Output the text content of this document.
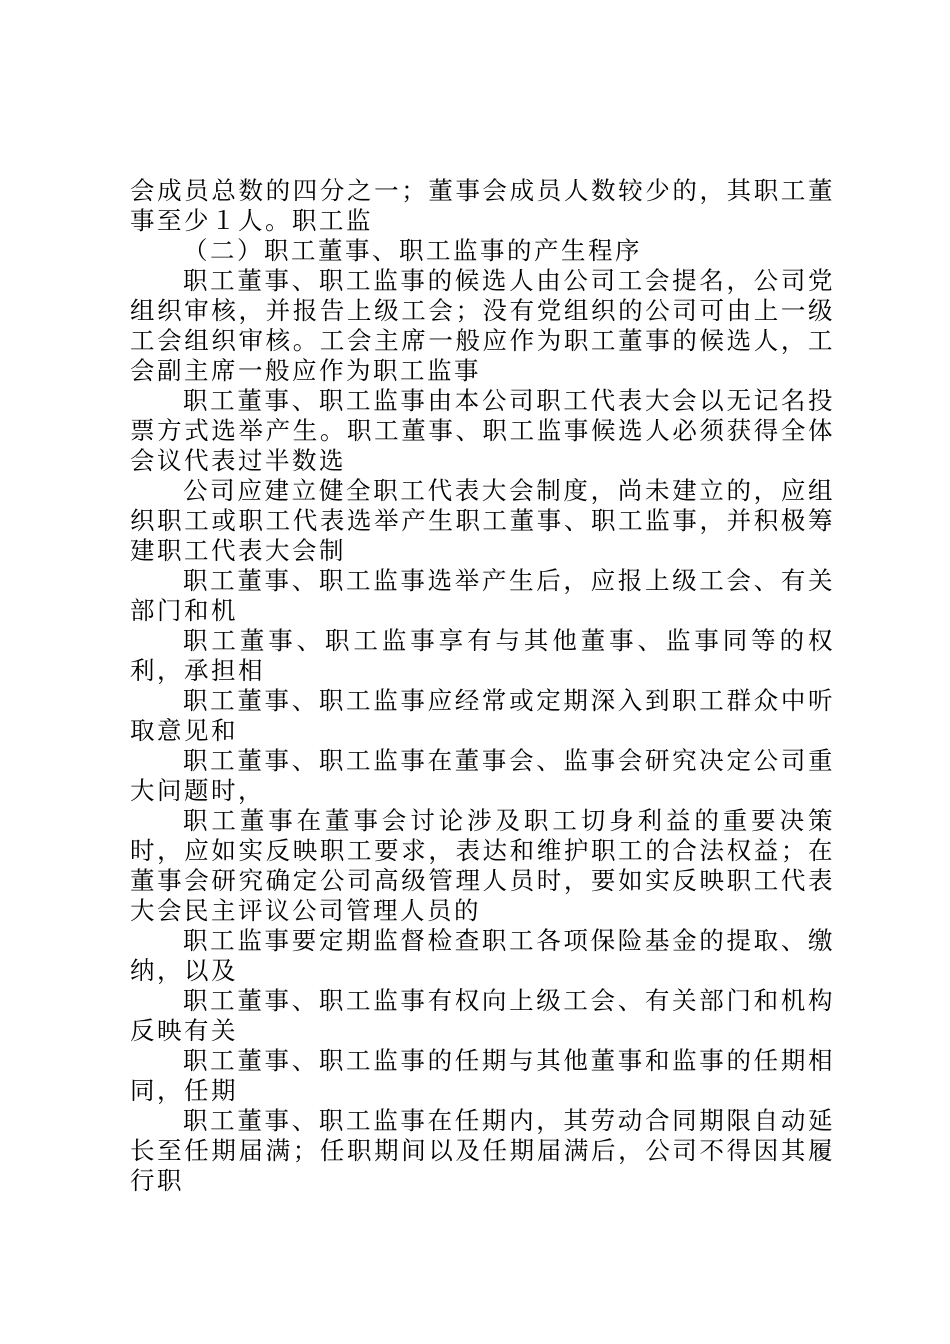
会成员总数的四分之一；董事会成员人数较少的，其职工董事至少１人。职工监

（二）职工董事、职工监事的产生程序

职工董事、职工监事的候选人由公司工会提名，公司党组织审核，并报告上级工会；没有党组织的公司可由上一级工会组织审核。工会主席一般应作为职工董事的候选人，工会副主席一般应作为职工监事

职工董事、职工监事由本公司职工代表大会以无记名投票方式选举产生。职工董事、职工监事候选人必须获得全体会议代表过半数选

公司应建立健全职工代表大会制度，尚未建立的，应组织职工或职工代表选举产生职工董事、职工监事，并积极筹建职工代表大会制

职工董事、职工监事选举产生后，应报上级工会、有关部门和机

职工董事、职工监事享有与其他董事、监事同等的权利，承担相

职工董事、职工监事应经常或定期深入到职工群众中听取意见和

职工董事、职工监事在董事会、监事会研究决定公司重大问题时，

职工董事在董事会讨论涉及职工切身利益的重要决策时，应如实反映职工要求，表达和维护职工的合法权益；在董事会研究确定公司高级管理人员时，要如实反映职工代表大会民主评议公司管理人员的

职工监事要定期监督检查职工各项保险基金的提取、缴纳，以及

职工董事、职工监事有权向上级工会、有关部门和机构反映有关

职工董事、职工监事的任期与其他董事和监事的任期相同，任期

职工董事、职工监事在任期内，其劳动合同期限自动延长至任期届满；任职期间以及任期届满后，公司不得因其履行职
